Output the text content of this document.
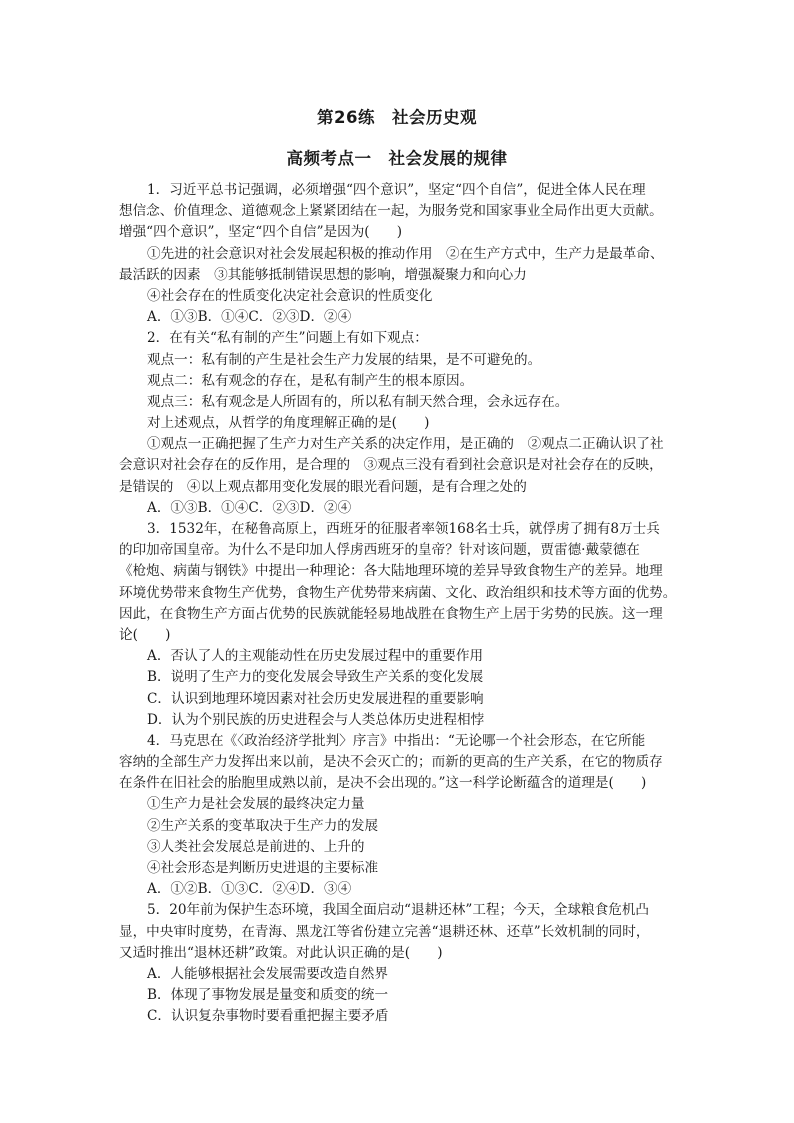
第26练　社会历史观
高频考点一　社会发展的规律
1．习近平总书记强调，必须增强“四个意识”，坚定“四个自信”，促进全体人民在理
想信念、价值理念、道德观念上紧紧团结在一起，为服务党和国家事业全局作出更大贡献。
增强“四个意识”，坚定“四个自信”是因为(　　)
①先进的社会意识对社会发展起积极的推动作用　②在生产方式中，生产力是最革命、
最活跃的因素　③其能够抵制错误思想的影响，增强凝聚力和向心力
④社会存在的性质变化决定社会意识的性质变化
A．①③B．①④C．②③D．②④
2．在有关“私有制的产生”问题上有如下观点：
观点一：私有制的产生是社会生产力发展的结果，是不可避免的。
观点二：私有观念的存在，是私有制产生的根本原因。
观点三：私有观念是人所固有的，所以私有制天然合理，会永远存在。
对上述观点，从哲学的角度理解正确的是(　　)
①观点一正确把握了生产力对生产关系的决定作用，是正确的　②观点二正确认识了社
会意识对社会存在的反作用，是合理的　③观点三没有看到社会意识是对社会存在的反映，
是错误的　④以上观点都用变化发展的眼光看问题，是有合理之处的
A．①③B．①④C．②③D．②④
3．1532年，在秘鲁高原上，西班牙的征服者率领168名士兵，就俘虏了拥有8万士兵
的印加帝国皇帝。为什么不是印加人俘虏西班牙的皇帝？针对该问题，贾雷德·戴蒙德在
《枪炮、病菌与钢铁》中提出一种理论：各大陆地理环境的差异导致食物生产的差异。地理
环境优势带来食物生产优势，食物生产优势带来病菌、文化、政治组织和技术等方面的优势。
因此，在食物生产方面占优势的民族就能轻易地战胜在食物生产上居于劣势的民族。这一理
论(　　)
A．否认了人的主观能动性在历史发展过程中的重要作用
B．说明了生产力的变化发展会导致生产关系的变化发展
C．认识到地理环境因素对社会历史发展进程的重要影响
D．认为个别民族的历史进程会与人类总体历史进程相悖
4．马克思在《〈政治经济学批判〉序言》中指出：“无论哪一个社会形态，在它所能
容纳的全部生产力发挥出来以前，是决不会灭亡的；而新的更高的生产关系，在它的物质存
在条件在旧社会的胎胞里成熟以前，是决不会出现的。”这一科学论断蕴含的道理是(　　)
①生产力是社会发展的最终决定力量
②生产关系的变革取决于生产力的发展
③人类社会发展总是前进的、上升的
④社会形态是判断历史进退的主要标准
A．①②B．①③C．②④D．③④
5．20年前为保护生态环境，我国全面启动“退耕还林”工程；今天，全球粮食危机凸
显，中央审时度势，在青海、黑龙江等省份建立完善“退耕还林、还草”长效机制的同时，
又适时推出“退林还耕”政策。对此认识正确的是(　　)
A．人能够根据社会发展需要改造自然界
B．体现了事物发展是量变和质变的统一
C．认识复杂事物时要看重把握主要矛盾
